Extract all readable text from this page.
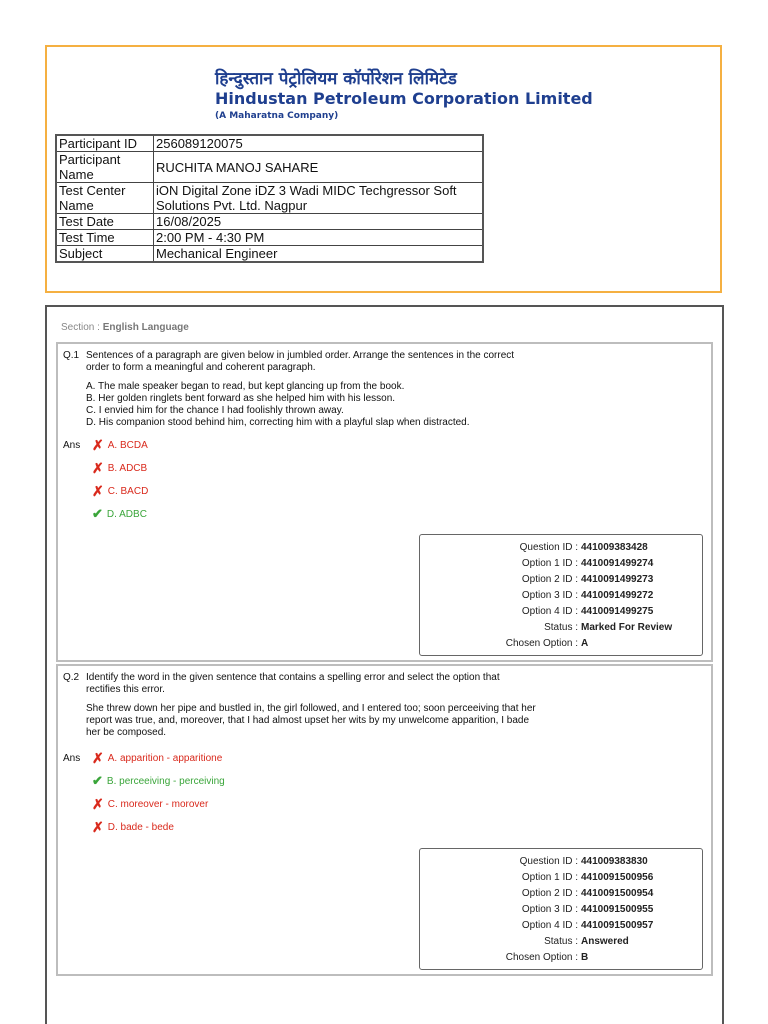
हिन्दुस्तान पेट्रोलियम कॉर्पोरेशन लिमिटेड
Hindustan Petroleum Corporation Limited
(A Maharatna Company)
Participant ID	256089120075
Participant Name	RUCHITA MANOJ SAHARE
Test Center Name	iON Digital Zone iDZ 3 Wadi MIDC Techgressor Soft Solutions Pvt. Ltd. Nagpur
Test Date	16/08/2025
Test Time	2:00 PM - 4:30 PM
Subject	Mechanical Engineer
Section : English Language
Q.1 Sentences of a paragraph are given below in jumbled order. Arrange the sentences in the correct order to form a meaningful and coherent paragraph.

A. The male speaker began to read, but kept glancing up from the book.
B. Her golden ringlets bent forward as she helped him with his lesson.
C. I envied him for the chance I had foolishly thrown away.
D. His companion stood behind him, correcting him with a playful slap when distracted.

Ans ✗ A. BCDA
✗ B. ADCB
✗ C. BACD
✔ D. ADBC
Question ID : 441009383428
Option 1 ID : 4410091499274
Option 2 ID : 4410091499273
Option 3 ID : 4410091499272
Option 4 ID : 4410091499275
Status : Marked For Review
Chosen Option : A
Q.2 Identify the word in the given sentence that contains a spelling error and select the option that rectifies this error.

She threw down her pipe and bustled in, the girl followed, and I entered too; soon perceeiving that her report was true, and, moreover, that I had almost upset her wits by my unwelcome apparition, I bade her be composed.

Ans ✗ A. apparition - apparitione
✔ B. perceeiving - perceiving
✗ C. moreover - morover
✗ D. bade - bede
Question ID : 441009383830
Option 1 ID : 4410091500956
Option 2 ID : 4410091500954
Option 3 ID : 4410091500955
Option 4 ID : 4410091500957
Status : Answered
Chosen Option : B
